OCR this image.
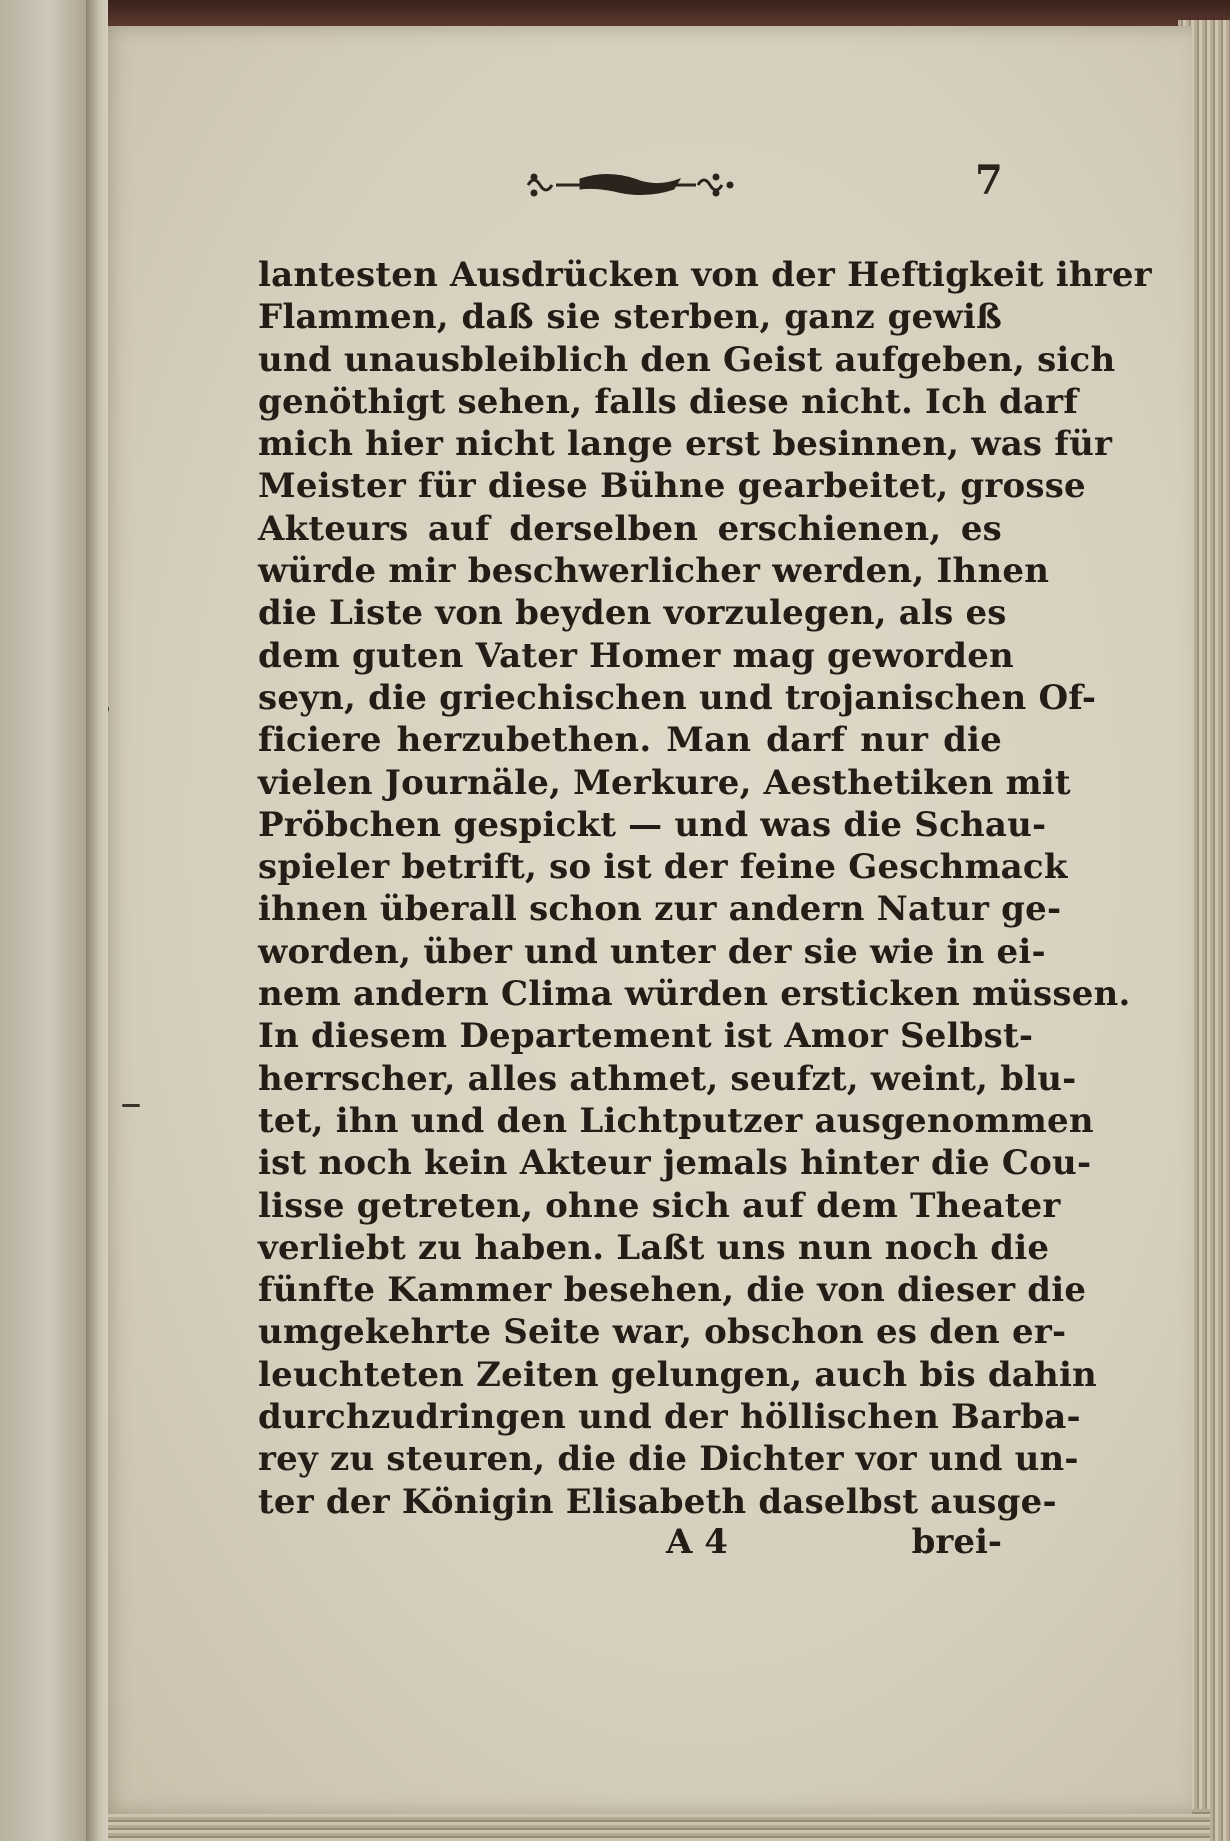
7
lantesten Ausdrücken von der Heftigkeit ihrer
Flammen, daß sie sterben, ganz gewiß
und unausbleiblich den Geist aufgeben, sich
genöthigt sehen, falls diese nicht. Ich darf
mich hier nicht lange erst besinnen, was für
Meister für diese Bühne gearbeitet, grosse
Akteurs auf derselben erschienen, es
würde mir beschwerlicher werden, Ihnen
die Liste von beyden vorzulegen, als es
dem guten Vater Homer mag geworden
seyn, die griechischen und trojanischen Of-
ficiere herzubethen. Man darf nur die
vielen Journäle, Merkure, Aesthetiken mit
Pröbchen gespickt — und was die Schau-
spieler betrift, so ist der feine Geschmack
ihnen überall schon zur andern Natur ge-
worden, über und unter der sie wie in ei-
nem andern Clima würden ersticken müssen.
In diesem Departement ist Amor Selbst-
herrscher, alles athmet, seufzt, weint, blu-
tet, ihn und den Lichtputzer ausgenommen
ist noch kein Akteur jemals hinter die Cou-
lisse getreten, ohne sich auf dem Theater
verliebt zu haben. Laßt uns nun noch die
fünfte Kammer besehen, die von dieser die
umgekehrte Seite war, obschon es den er-
leuchteten Zeiten gelungen, auch bis dahin
durchzudringen und der höllischen Barba-
rey zu steuren, die die Dichter vor und un-
ter der Königin Elisabeth daselbst ausge-
A 4	brei-
